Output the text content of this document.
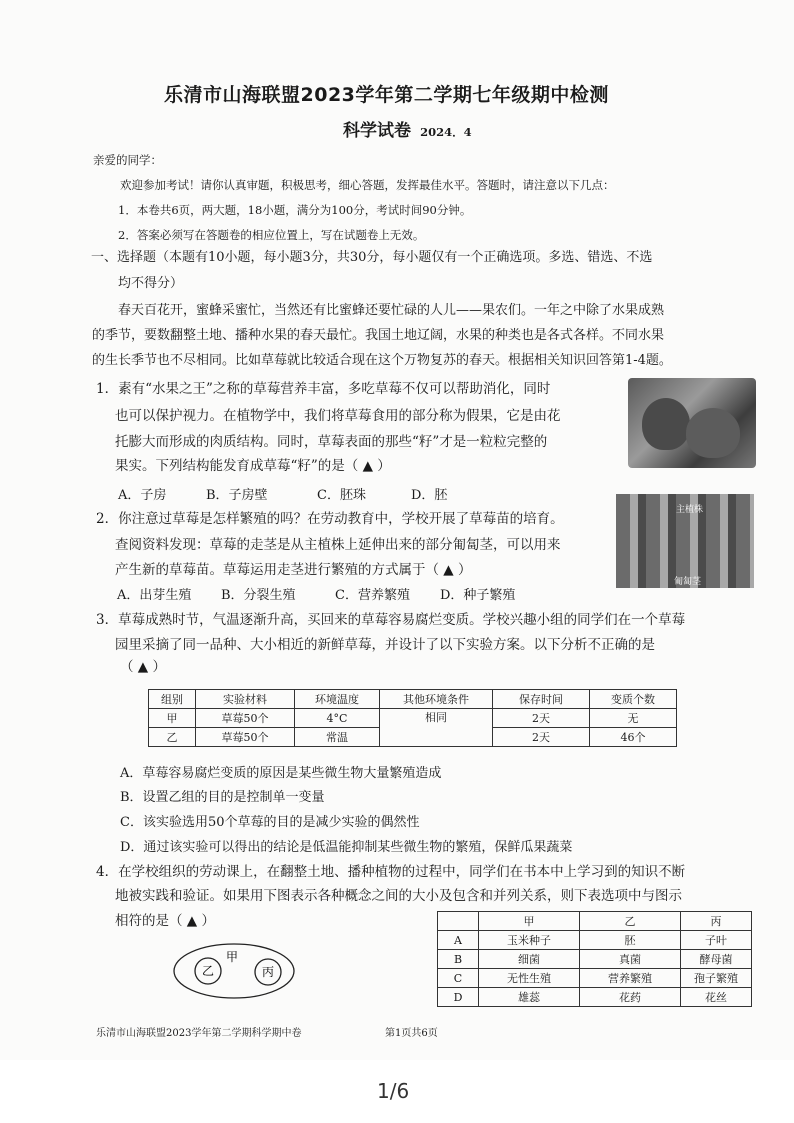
乐清市山海联盟2023学年第二学期七年级期中检测
科学试卷 2024．4
亲爱的同学：
欢迎参加考试！请你认真审题，积极思考，细心答题，发挥最佳水平。答题时，请注意以下几点：
1．本卷共6页，两大题，18小题，满分为100分，考试时间90分钟。
2．答案必须写在答题卷的相应位置上，写在试题卷上无效。
一、选择题（本题有10小题，每小题3分，共30分，每小题仅有一个正确选项。多选、错选、不选
均不得分）
春天百花开，蜜蜂采蜜忙，当然还有比蜜蜂还要忙碌的人儿——果农们。一年之中除了水果成熟
的季节，要数翻整土地、播种水果的春天最忙。我国土地辽阔，水果的种类也是各式各样。不同水果
的生长季节也不尽相同。比如草莓就比较适合现在这个万物复苏的春天。根据相关知识回答第1-4题。
1．素有“水果之王”之称的草莓营养丰富，多吃草莓不仅可以帮助消化，同时
也可以保护视力。在植物学中，我们将草莓食用的部分称为假果，它是由花
托膨大而形成的肉质结构。同时，草莓表面的那些“籽”才是一粒粒完整的
果实。下列结构能发育成草莓“籽”的是（ ▲ ）
A．子房	B．子房壁	C．胚珠	D．胚
2．你注意过草莓是怎样繁殖的吗？在劳动教育中，学校开展了草莓苗的培育。
查阅资料发现：草莓的走茎是从主植株上延伸出来的部分匍匐茎，可以用来
产生新的草莓苗。草莓运用走茎进行繁殖的方式属于（ ▲ ）
主植株
匍匐茎
A．出芽生殖 B．分裂生殖	C．营养繁殖 D．种子繁殖
3．草莓成熟时节，气温逐渐升高，买回来的草莓容易腐烂变质。学校兴趣小组的同学们在一个草莓
园里采摘了同一品种、大小相近的新鲜草莓，并设计了以下实验方案。以下分析不正确的是
（ ▲ ）
组别	实验材料	环境温度	其他环境条件	保存时间	变质个数
甲	草莓50个	4°C	相同	2天	无
乙	草莓50个	常温		2天	46个
A．草莓容易腐烂变质的原因是某些微生物大量繁殖造成
B．设置乙组的目的是控制单一变量
C．该实验选用50个草莓的目的是减少实验的偶然性
D．通过该实验可以得出的结论是低温能抑制某些微生物的繁殖，保鲜瓜果蔬菜
4．在学校组织的劳动课上，在翻整土地、播种植物的过程中，同学们在书本中上学习到的知识不断
地被实践和验证。如果用下图表示各种概念之间的大小及包含和并列关系，则下表选项中与图示
相符的是（ ▲ ）
甲
乙	丙
	甲	乙	丙
A	玉米种子	胚	子叶
B	细菌	真菌	酵母菌
C	无性生殖	营养繁殖	孢子繁殖
D	雄蕊	花药	花丝
乐清市山海联盟2023学年第二学期科学期中卷	第1页共6页
1/6
